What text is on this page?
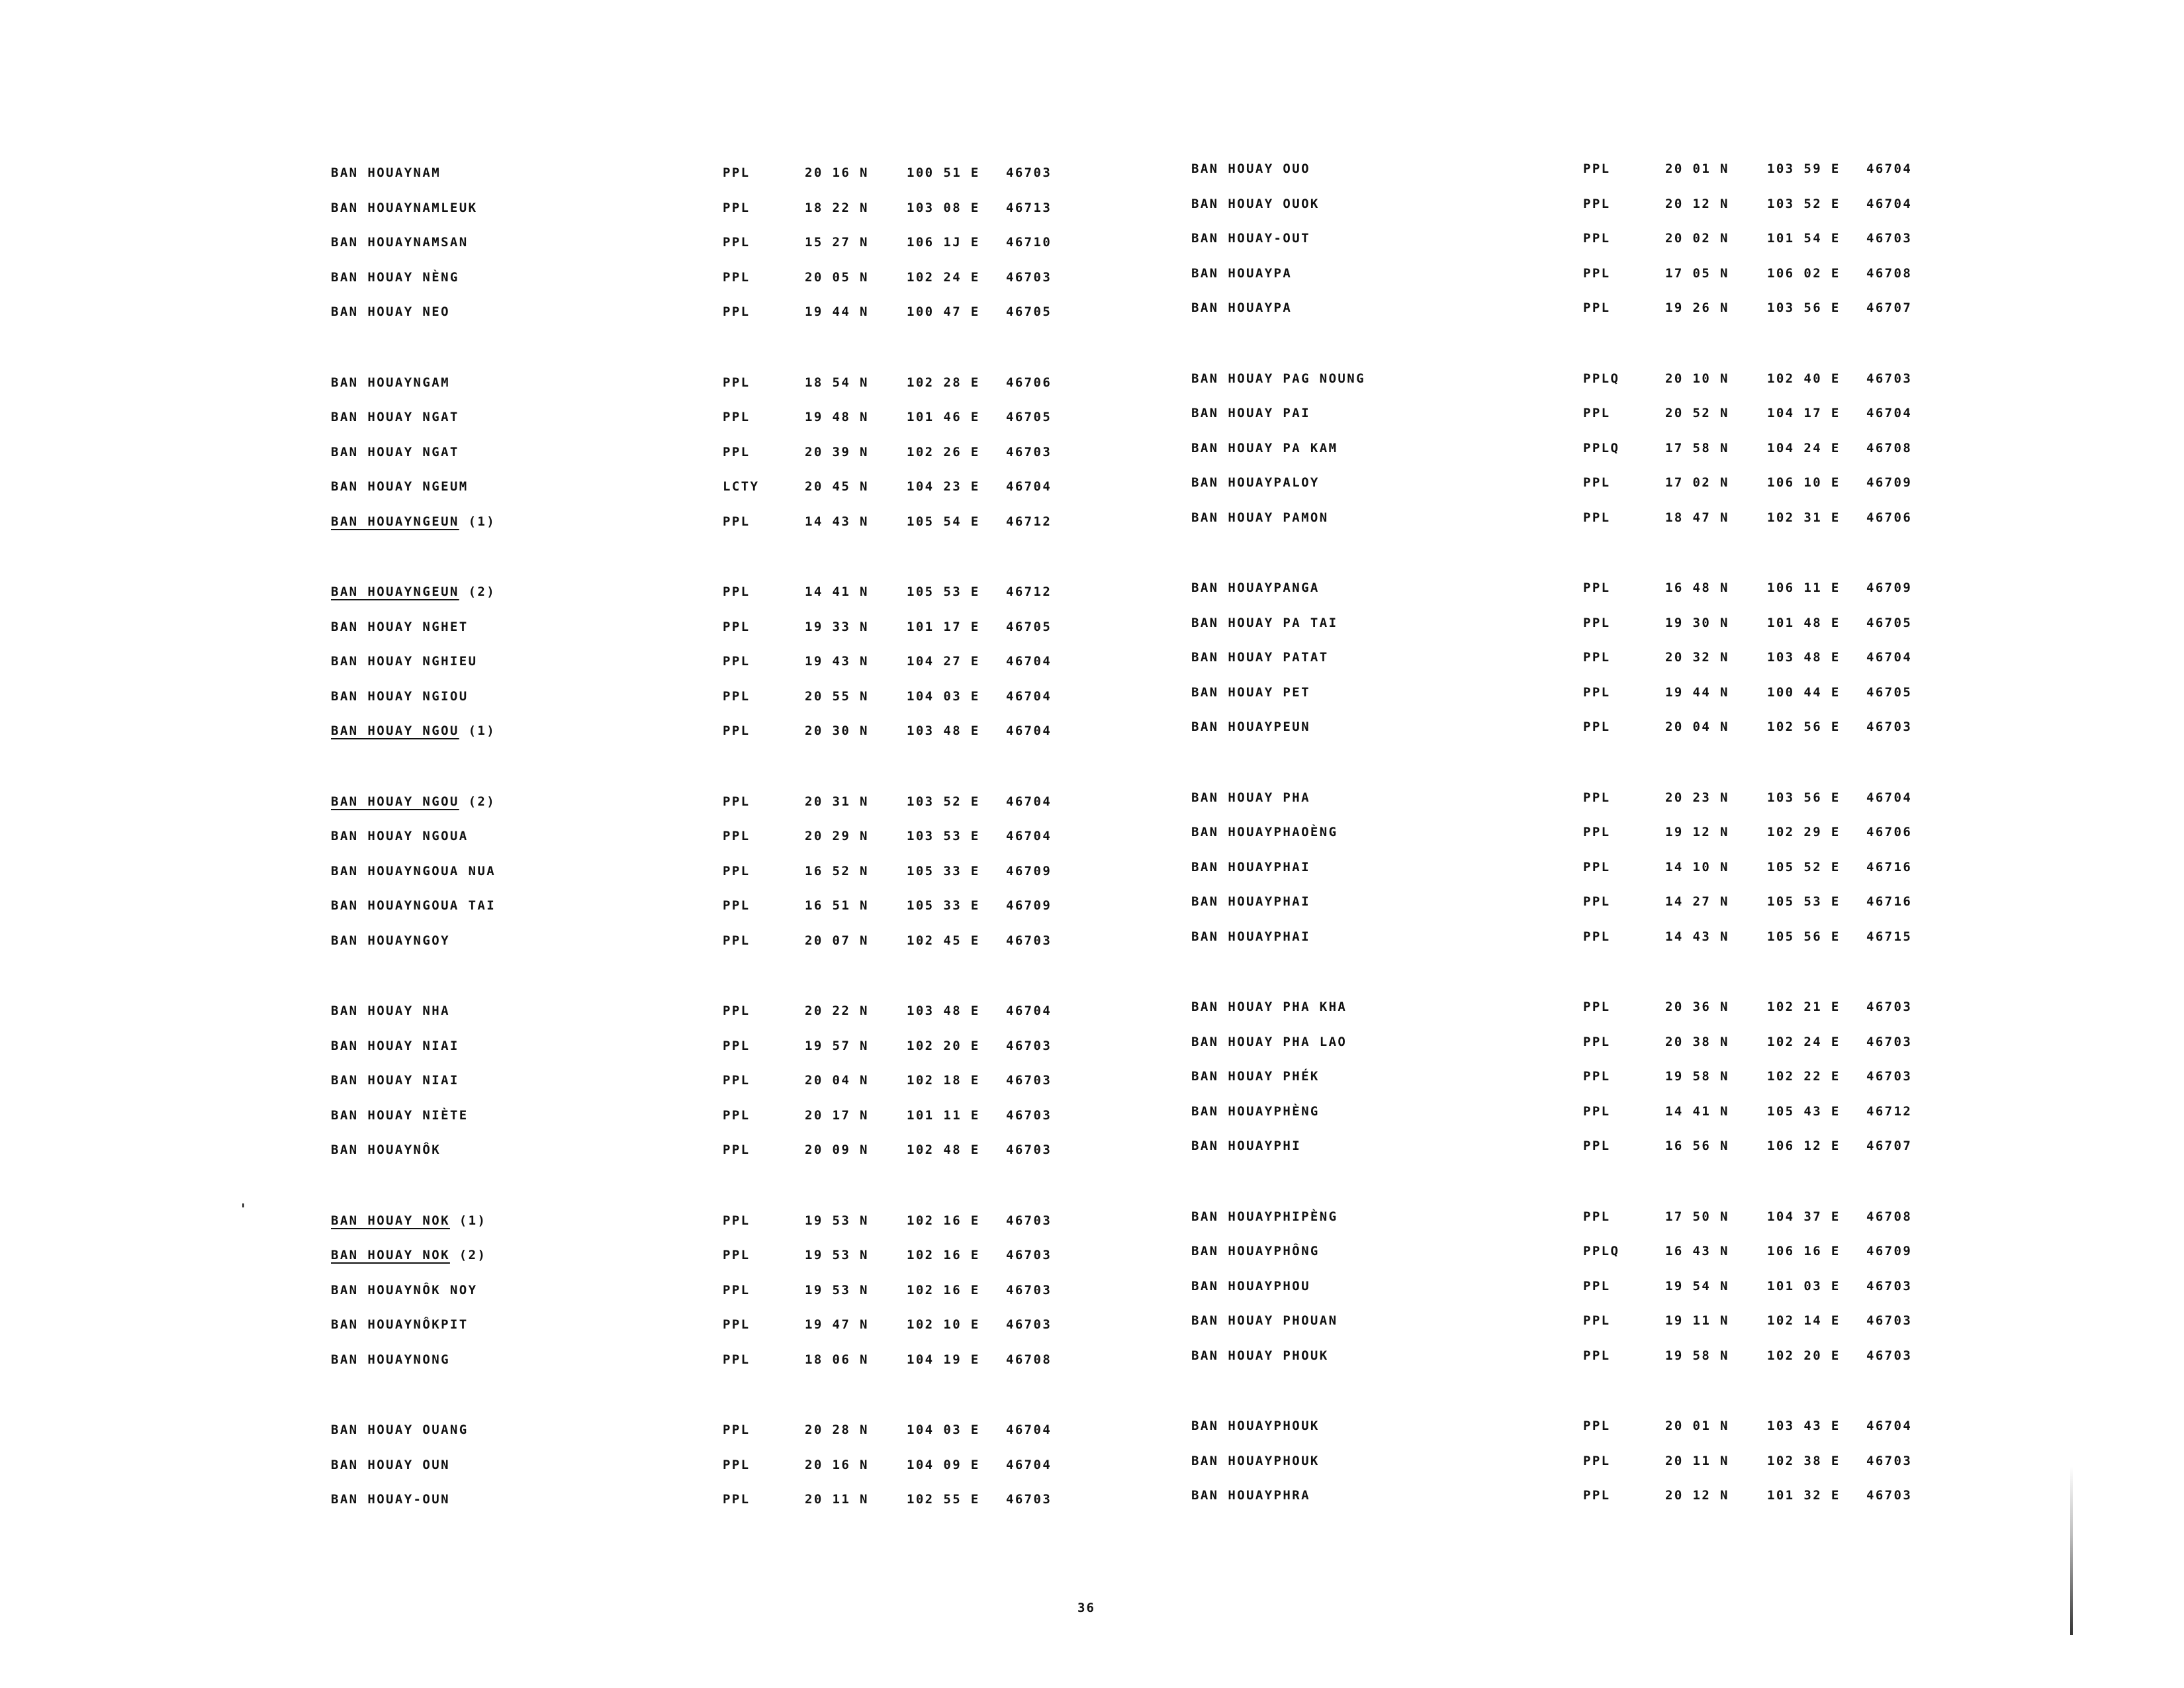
BAN HOUAYNAM	PPL	20 16 N	100 51 E 46703
BAN HOUAYNAMLEUK	PPL	18 22 N	103 08 E 46713
BAN HOUAYNAMSAN	PPL	15 27 N	106 1J E 46710
BAN HOUAY NÈNG	PPL	20 05 N	102 24 E 46703
BAN HOUAY NEO	PPL	19 44 N	100 47 E 46705
BAN HOUAYNGAM	PPL	18 54 N	102 28 E 46706
BAN HOUAY NGAT	PPL	19 48 N	101 46 E 46705
BAN HOUAY NGAT	PPL	20 39 N	102 26 E 46703
BAN HOUAY NGEUM	LCTY	20 45 N	104 23 E 46704
BAN HOUAYNGEUN (1)	PPL	14 43 N	105 54 E 46712
BAN HOUAYNGEUN (2)	PPL	14 41 N	105 53 E 46712
BAN HOUAY NGHET	PPL	19 33 N	101 17 E 46705
BAN HOUAY NGHIEU	PPL	19 43 N	104 27 E 46704
BAN HOUAY NGIOU	PPL	20 55 N	104 03 E 46704
BAN HOUAY NGOU (1)	PPL	20 30 N	103 48 E 46704
BAN HOUAY NGOU (2)	PPL	20 31 N	103 52 E 46704
BAN HOUAY NGOUA	PPL	20 29 N	103 53 E 46704
BAN HOUAYNGOUA NUA	PPL	16 52 N	105 33 E 46709
BAN HOUAYNGOUA TAI	PPL	16 51 N	105 33 E 46709
BAN HOUAYNGOY	PPL	20 07 N	102 45 E 46703
BAN HOUAY NHA	PPL	20 22 N	103 48 E 46704
BAN HOUAY NIAI	PPL	19 57 N	102 20 E 46703
BAN HOUAY NIAI	PPL	20 04 N	102 18 E 46703
BAN HOUAY NIÈTE	PPL	20 17 N	101 11 E 46703
BAN HOUAYNÔK	PPL	20 09 N	102 48 E 46703
BAN HOUAY NOK (1)	PPL	19 53 N	102 16 E 46703
BAN HOUAY NOK (2)	PPL	19 53 N	102 16 E 46703
BAN HOUAYNÔK NOY	PPL	19 53 N	102 16 E 46703
BAN HOUAYNÔKPIT	PPL	19 47 N	102 10 E 46703
BAN HOUAYNONG	PPL	18 06 N	104 19 E 46708
BAN HOUAY OUANG	PPL	20 28 N	104 03 E 46704
BAN HOUAY OUN	PPL	20 16 N	104 09 E 46704
BAN HOUAY-OUN	PPL	20 11 N	102 55 E 46703
BAN HOUAY OUO	PPL	20 01 N	103 59 E 46704
BAN HOUAY OUOK	PPL	20 12 N	103 52 E 46704
BAN HOUAY-OUT	PPL	20 02 N	101 54 E 46703
BAN HOUAYPA	PPL	17 05 N	106 02 E 46708
BAN HOUAYPA	PPL	19 26 N	103 56 E 46707
BAN HOUAY PAG NOUNG	PPLQ	20 10 N	102 40 E 46703
BAN HOUAY PAI	PPL	20 52 N	104 17 E 46704
BAN HOUAY PA KAM	PPLQ	17 58 N	104 24 E 46708
BAN HOUAYPALOY	PPL	17 02 N	106 10 E 46709
BAN HOUAY PAMON	PPL	18 47 N	102 31 E 46706
BAN HOUAYPANGA	PPL	16 48 N	106 11 E 46709
BAN HOUAY PA TAI	PPL	19 30 N	101 48 E 46705
BAN HOUAY PATAT	PPL	20 32 N	103 48 E 46704
BAN HOUAY PET	PPL	19 44 N	100 44 E 46705
BAN HOUAYPEUN	PPL	20 04 N	102 56 E 46703
BAN HOUAY PHA	PPL	20 23 N	103 56 E 46704
BAN HOUAYPHAOÈNG	PPL	19 12 N	102 29 E 46706
BAN HOUAYPHAI	PPL	14 10 N	105 52 E 46716
BAN HOUAYPHAI	PPL	14 27 N	105 53 E 46716
BAN HOUAYPHAI	PPL	14 43 N	105 56 E 46715
BAN HOUAY PHA KHA	PPL	20 36 N	102 21 E 46703
BAN HOUAY PHA LAO	PPL	20 38 N	102 24 E 46703
BAN HOUAY PHÉK	PPL	19 58 N	102 22 E 46703
BAN HOUAYPHÈNG	PPL	14 41 N	105 43 E 46712
BAN HOUAYPHI	PPL	16 56 N	106 12 E 46707
BAN HOUAYPHIPÈNG	PPL	17 50 N	104 37 E 46708
BAN HOUAYPHÔNG	PPLQ	16 43 N	106 16 E 46709
BAN HOUAYPHOU	PPL	19 54 N	101 03 E 46703
BAN HOUAY PHOUAN	PPL	19 11 N	102 14 E 46703
BAN HOUAY PHOUK	PPL	19 58 N	102 20 E 46703
BAN HOUAYPHOUK	PPL	20 01 N	103 43 E 46704
BAN HOUAYPHOUK	PPL	20 11 N	102 38 E 46703
BAN HOUAYPHRA	PPL	20 12 N	101 32 E 46703
36
